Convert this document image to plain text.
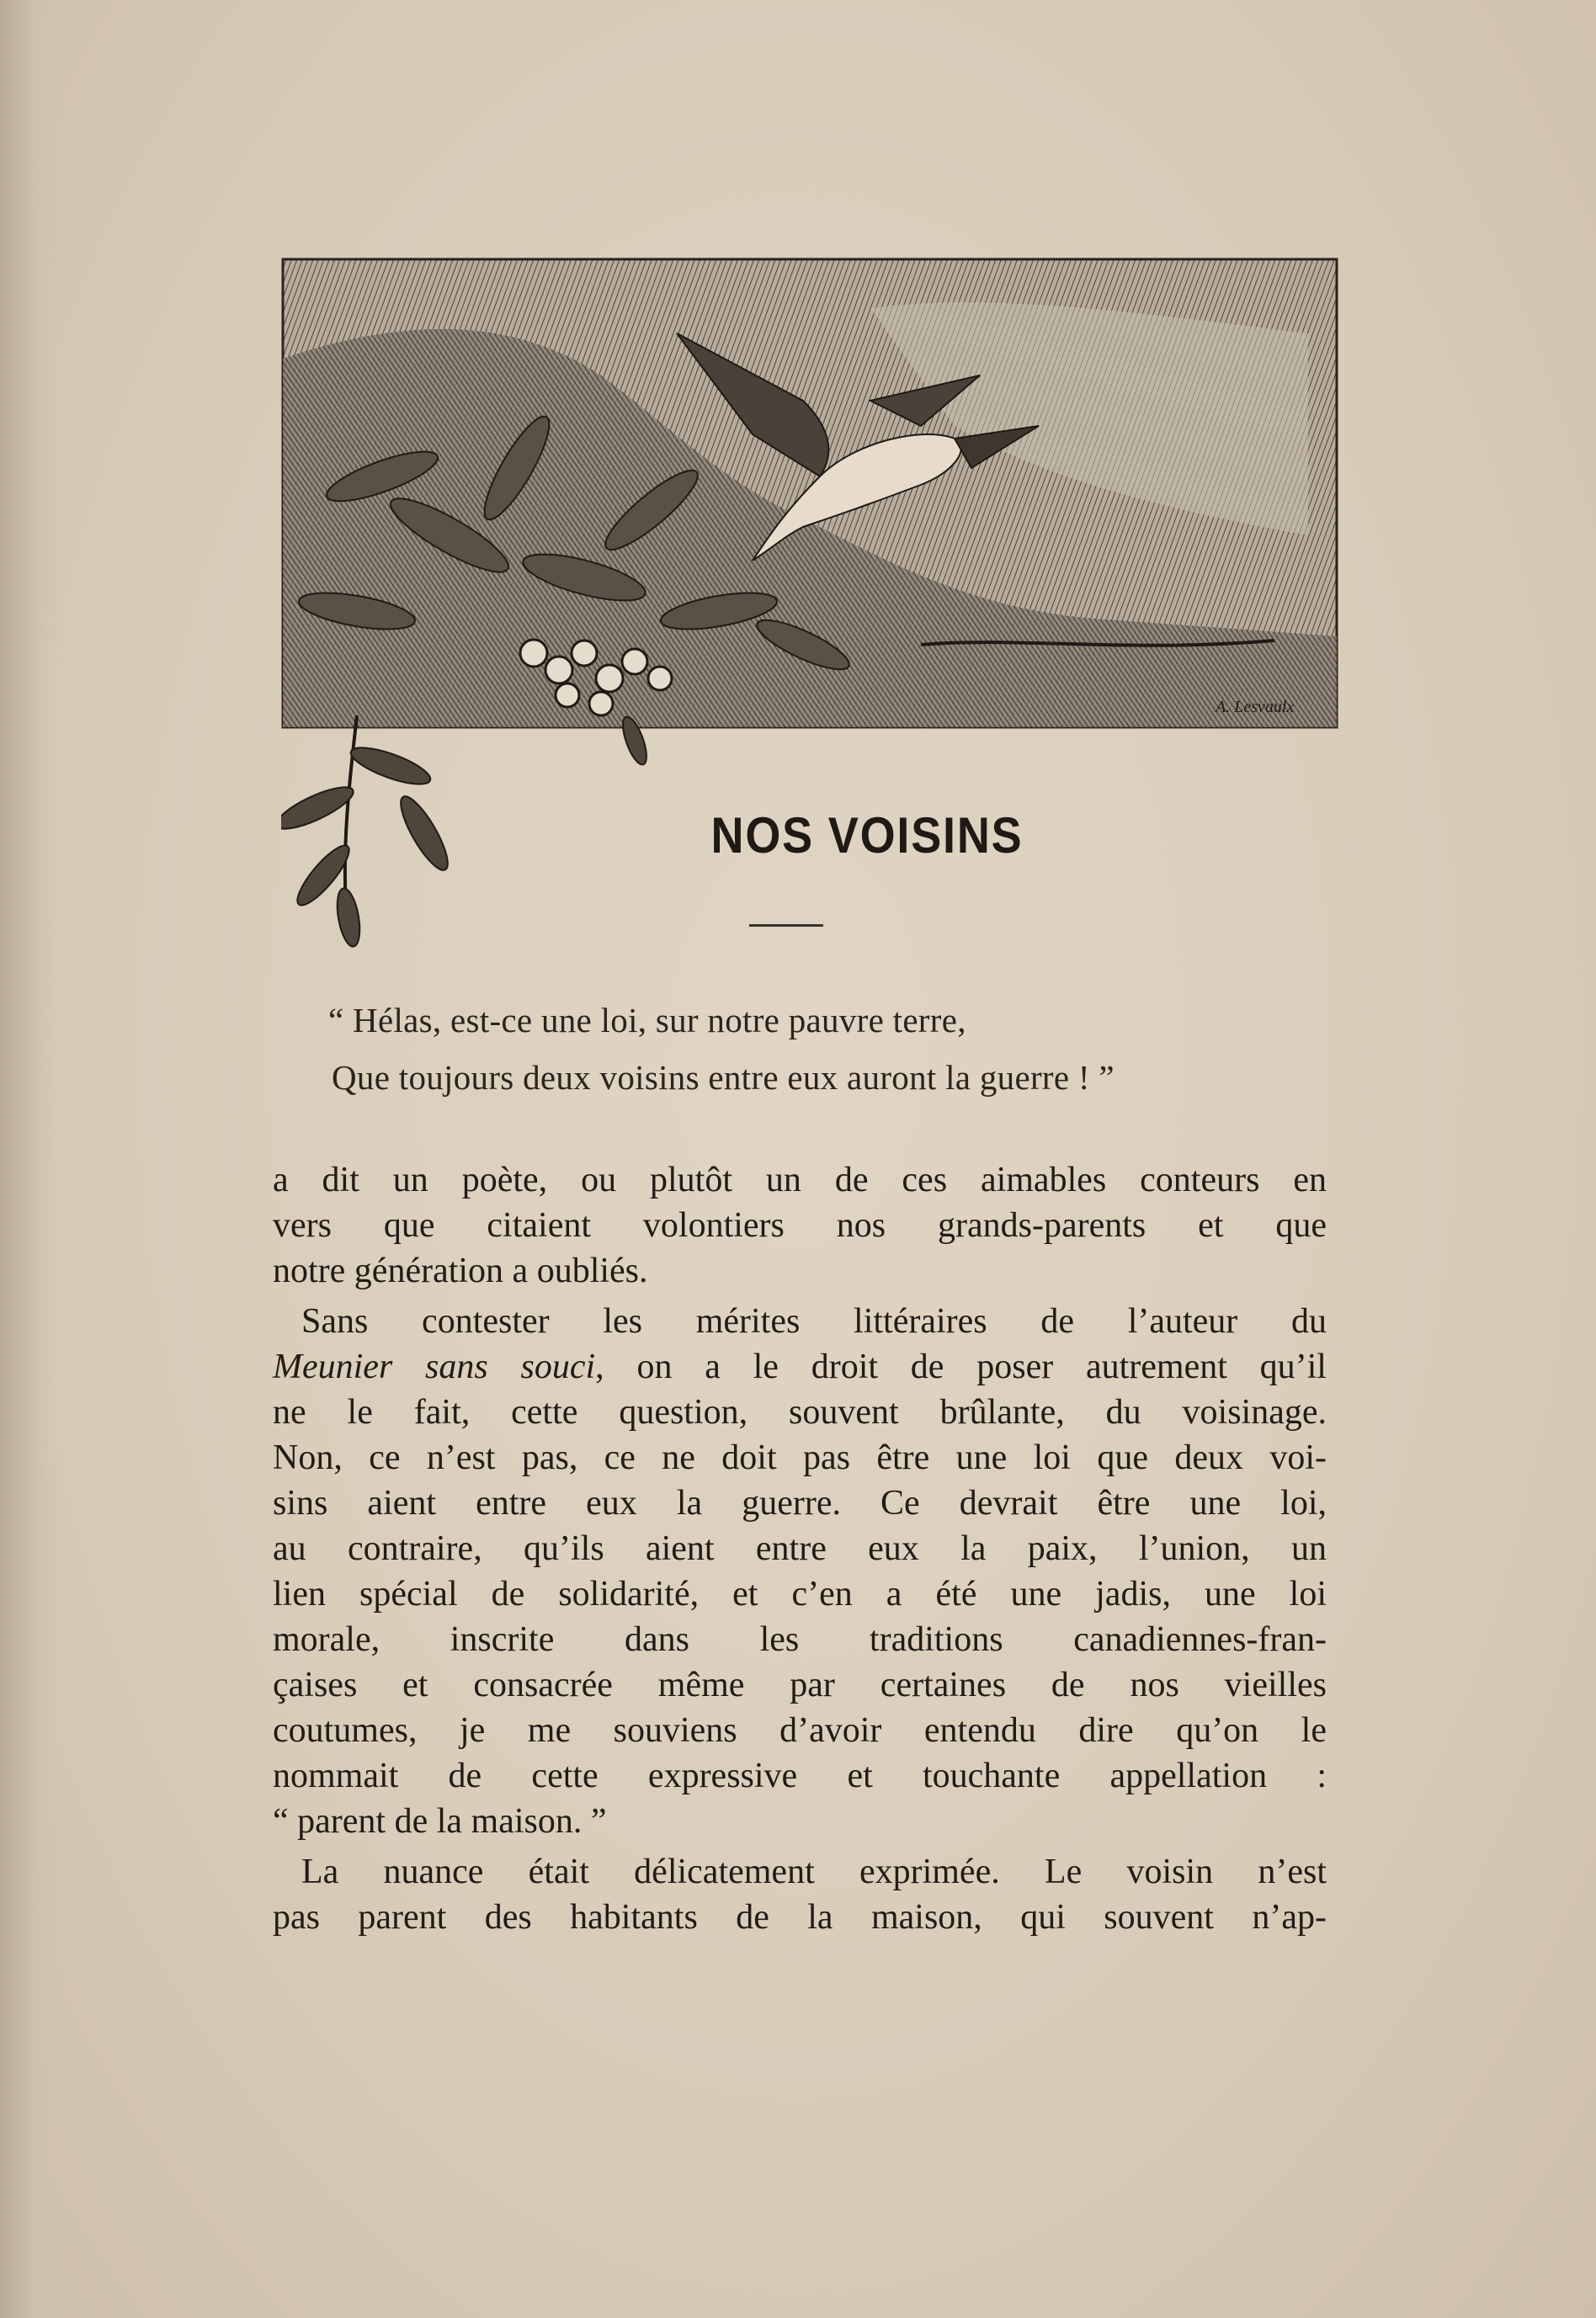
A. Lesvaulx
NOS VOISINS
“ Hélas, est-ce une loi, sur notre pauvre terre,
Que toujours deux voisins entre eux auront la guerre ! ”
a dit un poète, ou plutôt un de ces aimables conteurs en
vers que citaient volontiers nos grands-parents et que
notre génération a oubliés.
Sans contester les mérites littéraires de l’auteur du
Meunier sans souci, on a le droit de poser autrement qu’il
ne le fait, cette question, souvent brûlante, du voisinage.
Non, ce n’est pas, ce ne doit pas être une loi que deux voi-
sins aient entre eux la guerre. Ce devrait être une loi,
au contraire, qu’ils aient entre eux la paix, l’union, un
lien spécial de solidarité, et c’en a été une jadis, une loi
morale, inscrite dans les traditions canadiennes-fran-
çaises et consacrée même par certaines de nos vieilles
coutumes, je me souviens d’avoir entendu dire qu’on le
nommait de cette expressive et touchante appellation :
“ parent de la maison. ”
La nuance était délicatement exprimée. Le voisin n’est
pas parent des habitants de la maison, qui souvent n’ap-
